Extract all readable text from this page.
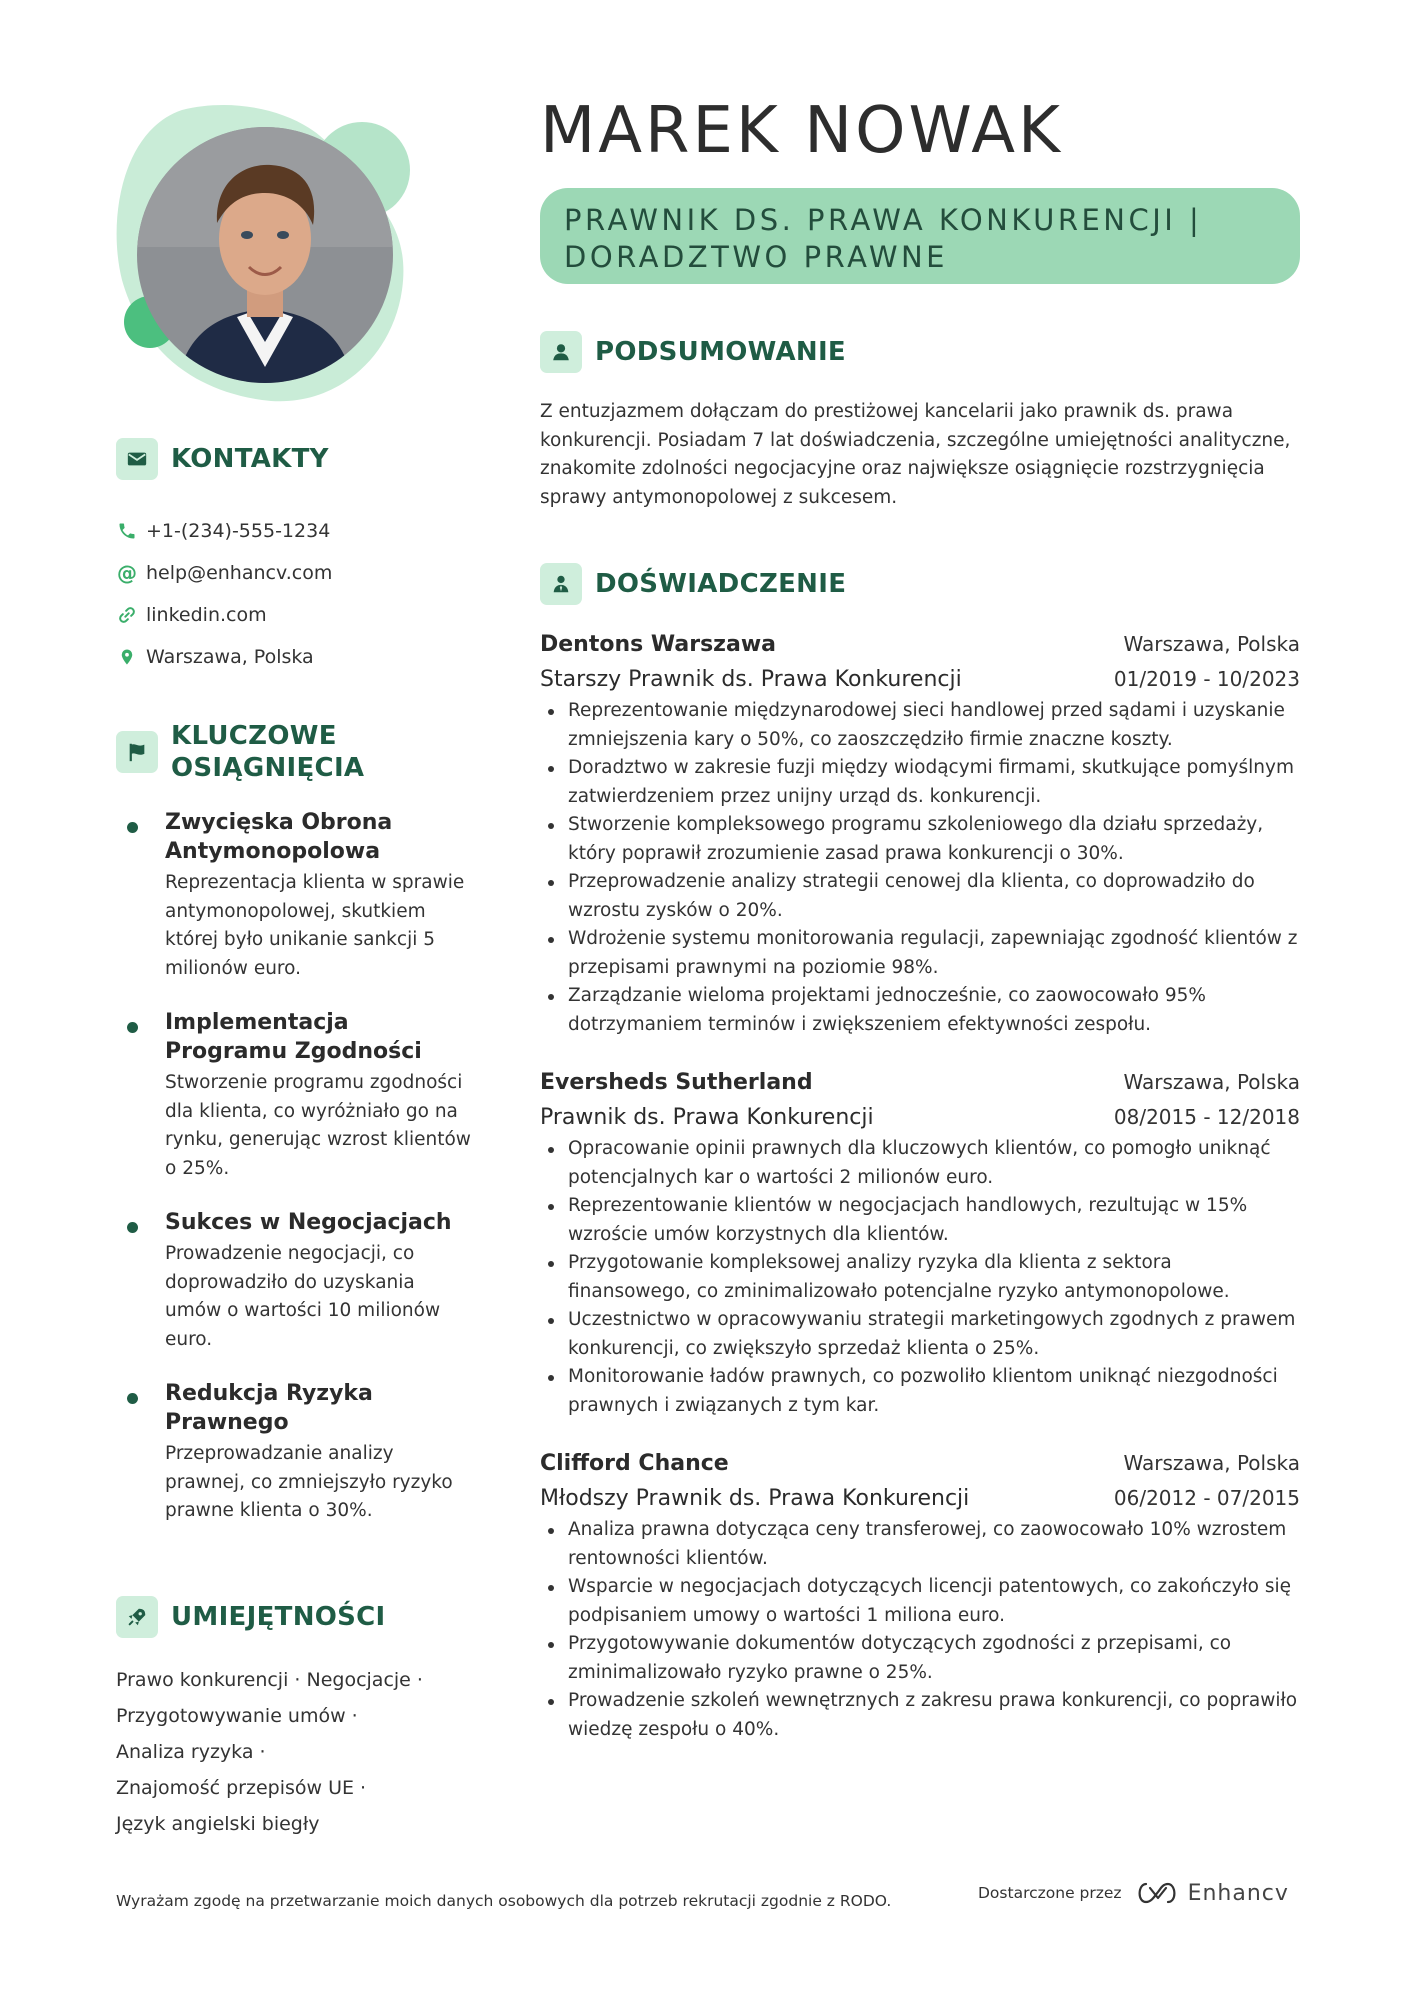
MAREK NOWAK
PRAWNIK DS. PRAWA KONKURENCJI |
DORADZTWO PRAWNE
KONTAKTY
+1-(234)-555-1234
@ help@enhancv.com
linkedin.com
Warszawa, Polska
KLUCZOWE
OSIĄGNIĘCIA
Zwycięska Obrona Antymonopolowa
Reprezentacja klienta w sprawie antymonopolowej, skutkiem której było unikanie sankcji 5 milionów euro.
Implementacja Programu Zgodności
Stworzenie programu zgodności dla klienta, co wyróżniało go na rynku, generując wzrost klientów o 25%.
Sukces w Negocjacjach
Prowadzenie negocjacji, co doprowadziło do uzyskania umów o wartości 10 milionów euro.
Redukcja Ryzyka Prawnego
Przeprowadzanie analizy prawnej, co zmniejszyło ryzyko prawne klienta o 30%.
UMIEJĘTNOŚCI
Prawo konkurencji · Negocjacje ·
Przygotowywanie umów ·
Analiza ryzyka ·
Znajomość przepisów UE ·
Język angielski biegły
PODSUMOWANIE

Z entuzjazmem dołączam do prestiżowej kancelarii jako prawnik ds. prawa konkurencji. Posiadam 7 lat doświadczenia, szczególne umiejętności analityczne, znakomite zdolności negocjacyjne oraz największe osiągnięcie rozstrzygnięcia sprawy antymonopolowej z sukcesem.

DOŚWIADCZENIE
Dentons Warszawa	Warszawa, Polska
Starszy Prawnik ds. Prawa Konkurencji	01/2019 - 10/2023
Reprezentowanie międzynarodowej sieci handlowej przed sądami i uzyskanie zmniejszenia kary o 50%, co zaoszczędziło firmie znaczne koszty.
Doradztwo w zakresie fuzji między wiodącymi firmami, skutkujące pomyślnym zatwierdzeniem przez unijny urząd ds. konkurencji.
Stworzenie kompleksowego programu szkoleniowego dla działu sprzedaży, który poprawił zrozumienie zasad prawa konkurencji o 30%.
Przeprowadzenie analizy strategii cenowej dla klienta, co doprowadziło do wzrostu zysków o 20%.
Wdrożenie systemu monitorowania regulacji, zapewniając zgodność klientów z przepisami prawnymi na poziomie 98%.
Zarządzanie wieloma projektami jednocześnie, co zaowocowało 95% dotrzymaniem terminów i zwiększeniem efektywności zespołu.
Eversheds Sutherland	Warszawa, Polska
Prawnik ds. Prawa Konkurencji	08/2015 - 12/2018
Opracowanie opinii prawnych dla kluczowych klientów, co pomogło uniknąć potencjalnych kar o wartości 2 milionów euro.
Reprezentowanie klientów w negocjacjach handlowych, rezultując w 15% wzroście umów korzystnych dla klientów.
Przygotowanie kompleksowej analizy ryzyka dla klienta z sektora finansowego, co zminimalizowało potencjalne ryzyko antymonopolowe.
Uczestnictwo w opracowywaniu strategii marketingowych zgodnych z prawem konkurencji, co zwiększyło sprzedaż klienta o 25%.
Monitorowanie ładów prawnych, co pozwoliło klientom uniknąć niezgodności prawnych i związanych z tym kar.
Clifford Chance	Warszawa, Polska
Młodszy Prawnik ds. Prawa Konkurencji	06/2012 - 07/2015
Analiza prawna dotycząca ceny transferowej, co zaowocowało 10% wzrostem rentowności klientów.
Wsparcie w negocjacjach dotyczących licencji patentowych, co zakończyło się podpisaniem umowy o wartości 1 miliona euro.
Przygotowywanie dokumentów dotyczących zgodności z przepisami, co zminimalizowało ryzyko prawne o 25%.
Prowadzenie szkoleń wewnętrznych z zakresu prawa konkurencji, co poprawiło wiedzę zespołu o 40%.
Wyrażam zgodę na przetwarzanie moich danych osobowych dla potrzeb rekrutacji zgodnie z RODO.	Dostarczone przez	Enhancv
